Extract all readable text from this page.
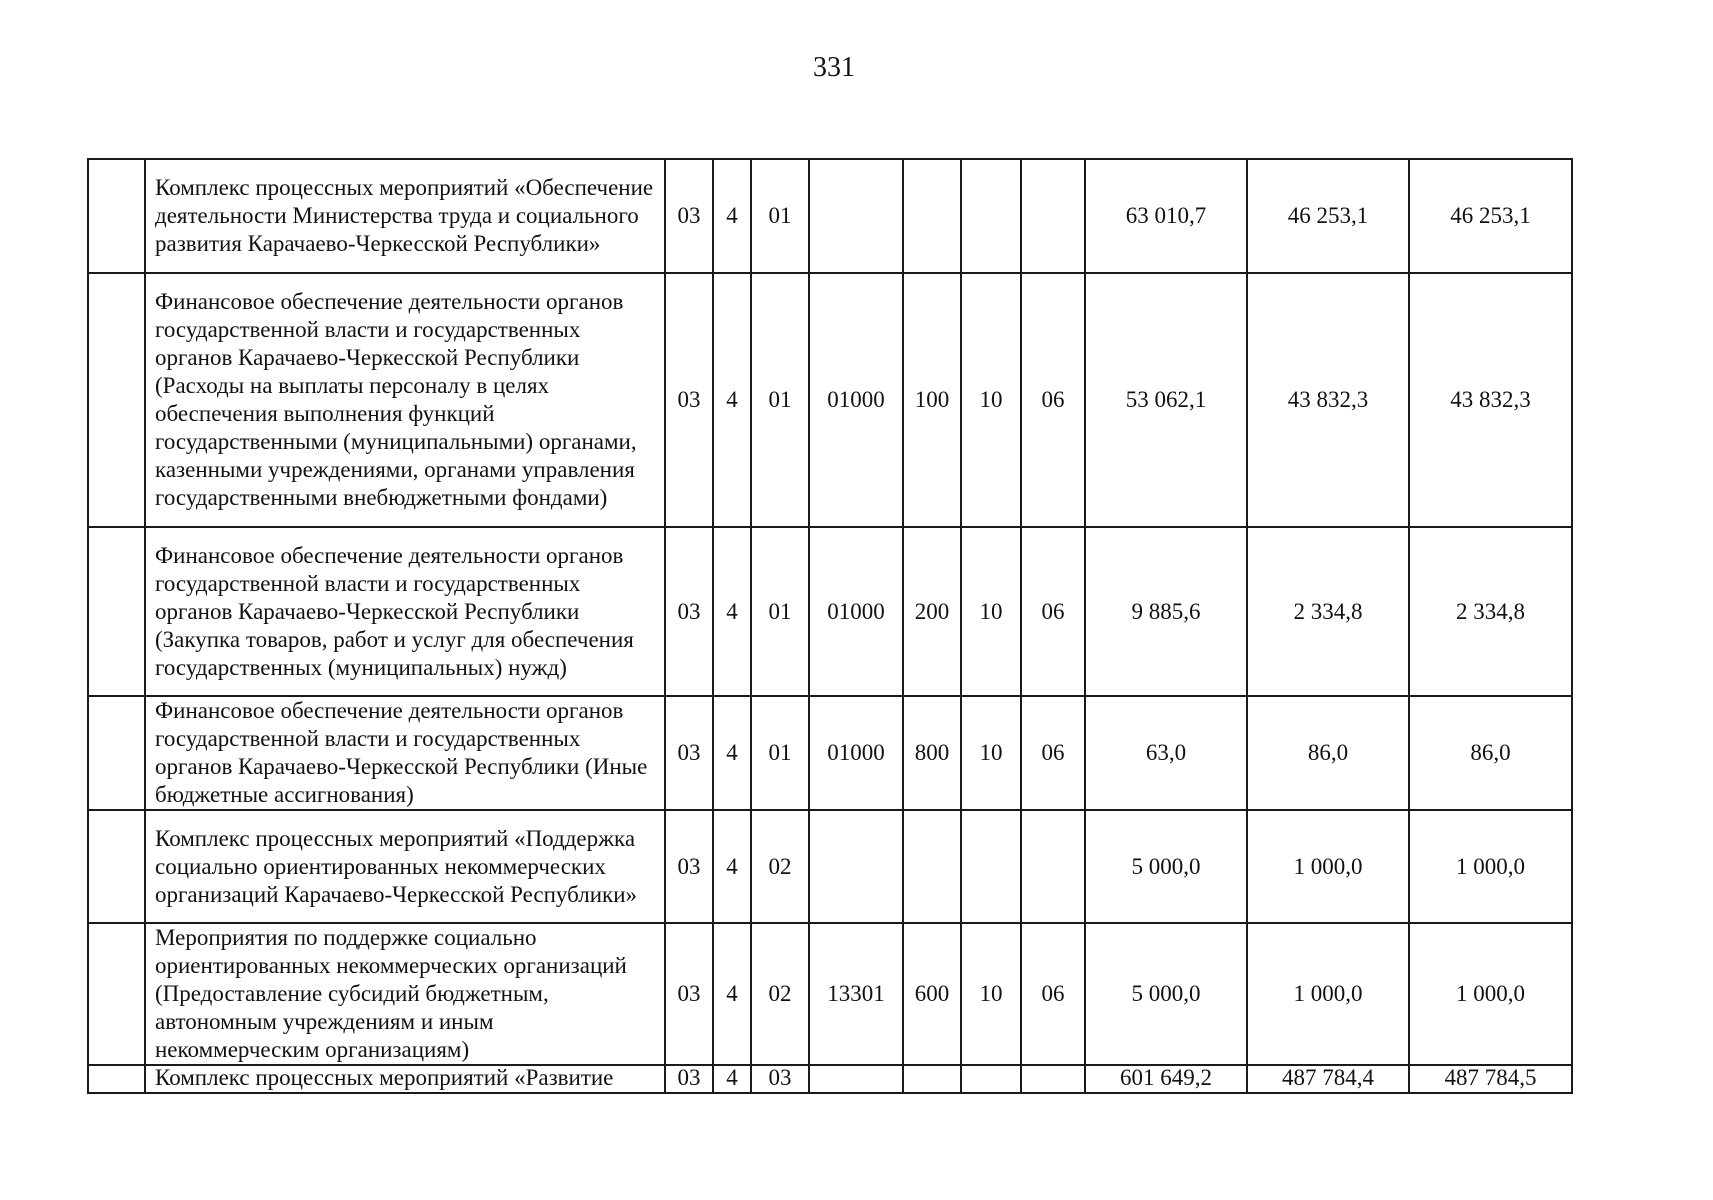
331
	Комплекс процессных мероприятий «Обеспечение деятельности Министерства труда и социального развития Карачаево-Черкесской Республики»	03	4	01					63 010,7	46 253,1	46 253,1
	Финансовое обеспечение деятельности органов государственной власти и государственных органов Карачаево-Черкесской Республики (Расходы на выплаты персоналу в целях обеспечения выполнения функций государственными (муниципальными) органами, казенными учреждениями, органами управления государственными внебюджетными фондами)	03	4	01	01000	100	10	06	53 062,1	43 832,3	43 832,3
	Финансовое обеспечение деятельности органов государственной власти и государственных органов Карачаево-Черкесской Республики (Закупка товаров, работ и услуг для обеспечения государственных (муниципальных) нужд)	03	4	01	01000	200	10	06	9 885,6	2 334,8	2 334,8
	Финансовое обеспечение деятельности органов государственной власти и государственных органов Карачаево-Черкесской Республики (Иные бюджетные ассигнования)	03	4	01	01000	800	10	06	63,0	86,0	86,0
	Комплекс процессных мероприятий «Поддержка социально ориентированных некоммерческих организаций Карачаево-Черкесской Республики»	03	4	02					5 000,0	1 000,0	1 000,0
	Мероприятия по поддержке социально ориентированных некоммерческих организаций (Предоставление субсидий бюджетным, автономным учреждениям и иным некоммерческим организациям)	03	4	02	13301	600	10	06	5 000,0	1 000,0	1 000,0
	Комплекс процессных мероприятий «Развитие	03	4	03					601 649,2	487 784,4	487 784,5
